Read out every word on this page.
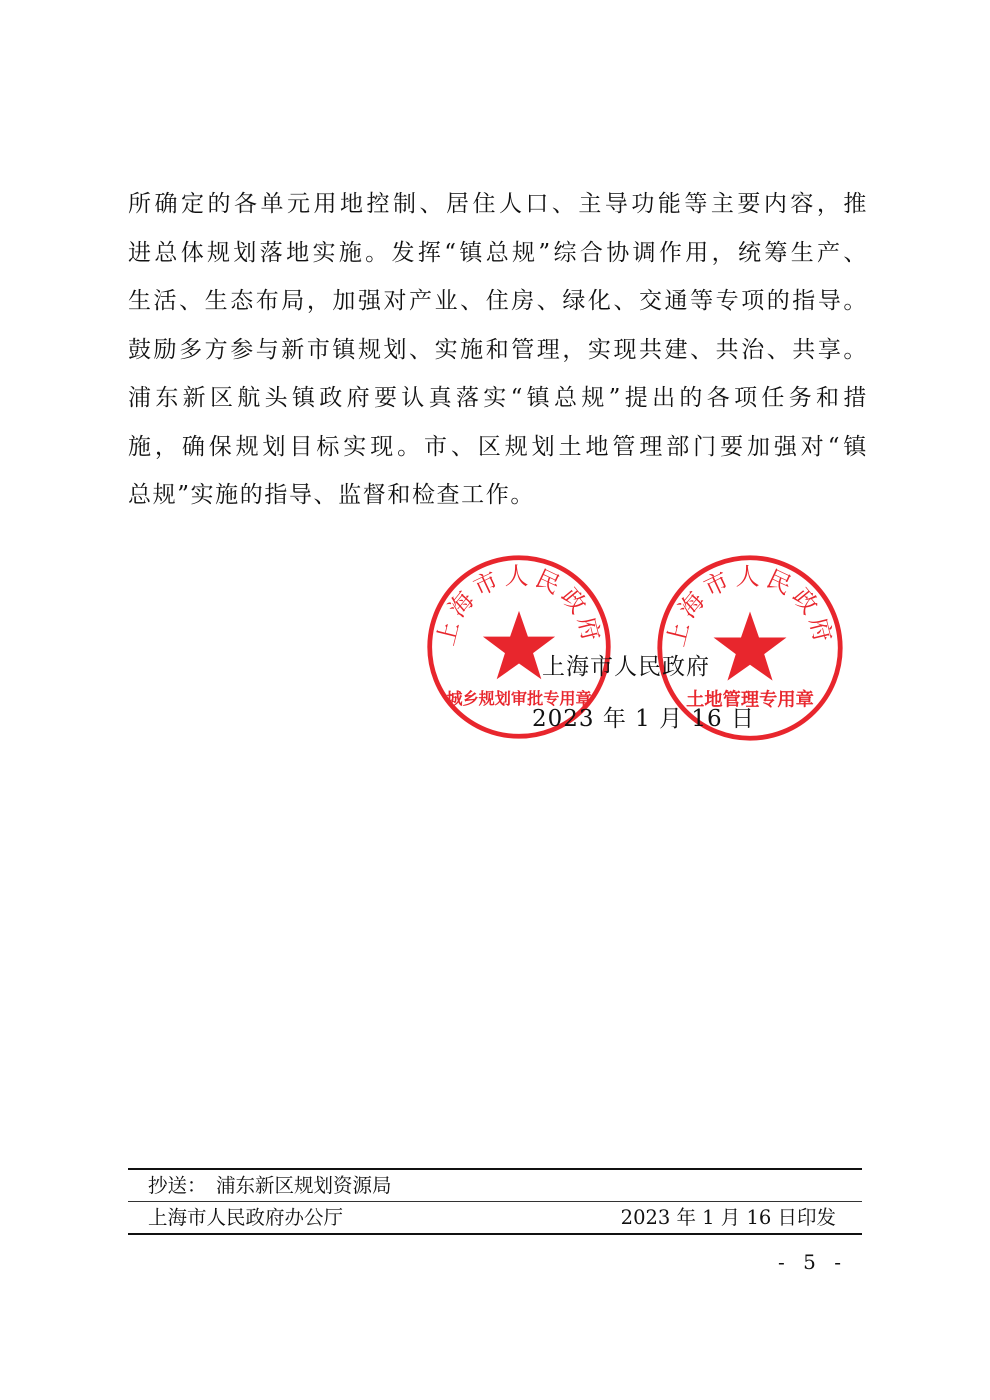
所确定的各单元用地控制、居住人口、主导功能等主要内容，推
进总体规划落地实施。发挥“镇总规”综合协调作用，统筹生产、
生活、生态布局，加强对产业、住房、绿化、交通等专项的指导。
鼓励多方参与新市镇规划、实施和管理，实现共建、共治、共享。
浦东新区航头镇政府要认真落实“镇总规”提出的各项任务和措
施，确保规划目标实现。市、区规划土地管理部门要加强对“镇
总规”实施的指导、监督和检查工作。
上海市人民政府
城乡规划审批专用章
上海市人民政府
土地管理专用章
上海市人民政府
2023 年 1 月 16 日
抄送： 浦东新区规划资源局
上海市人民政府办公厅	2023 年 1 月 16 日印发
- 5 -
